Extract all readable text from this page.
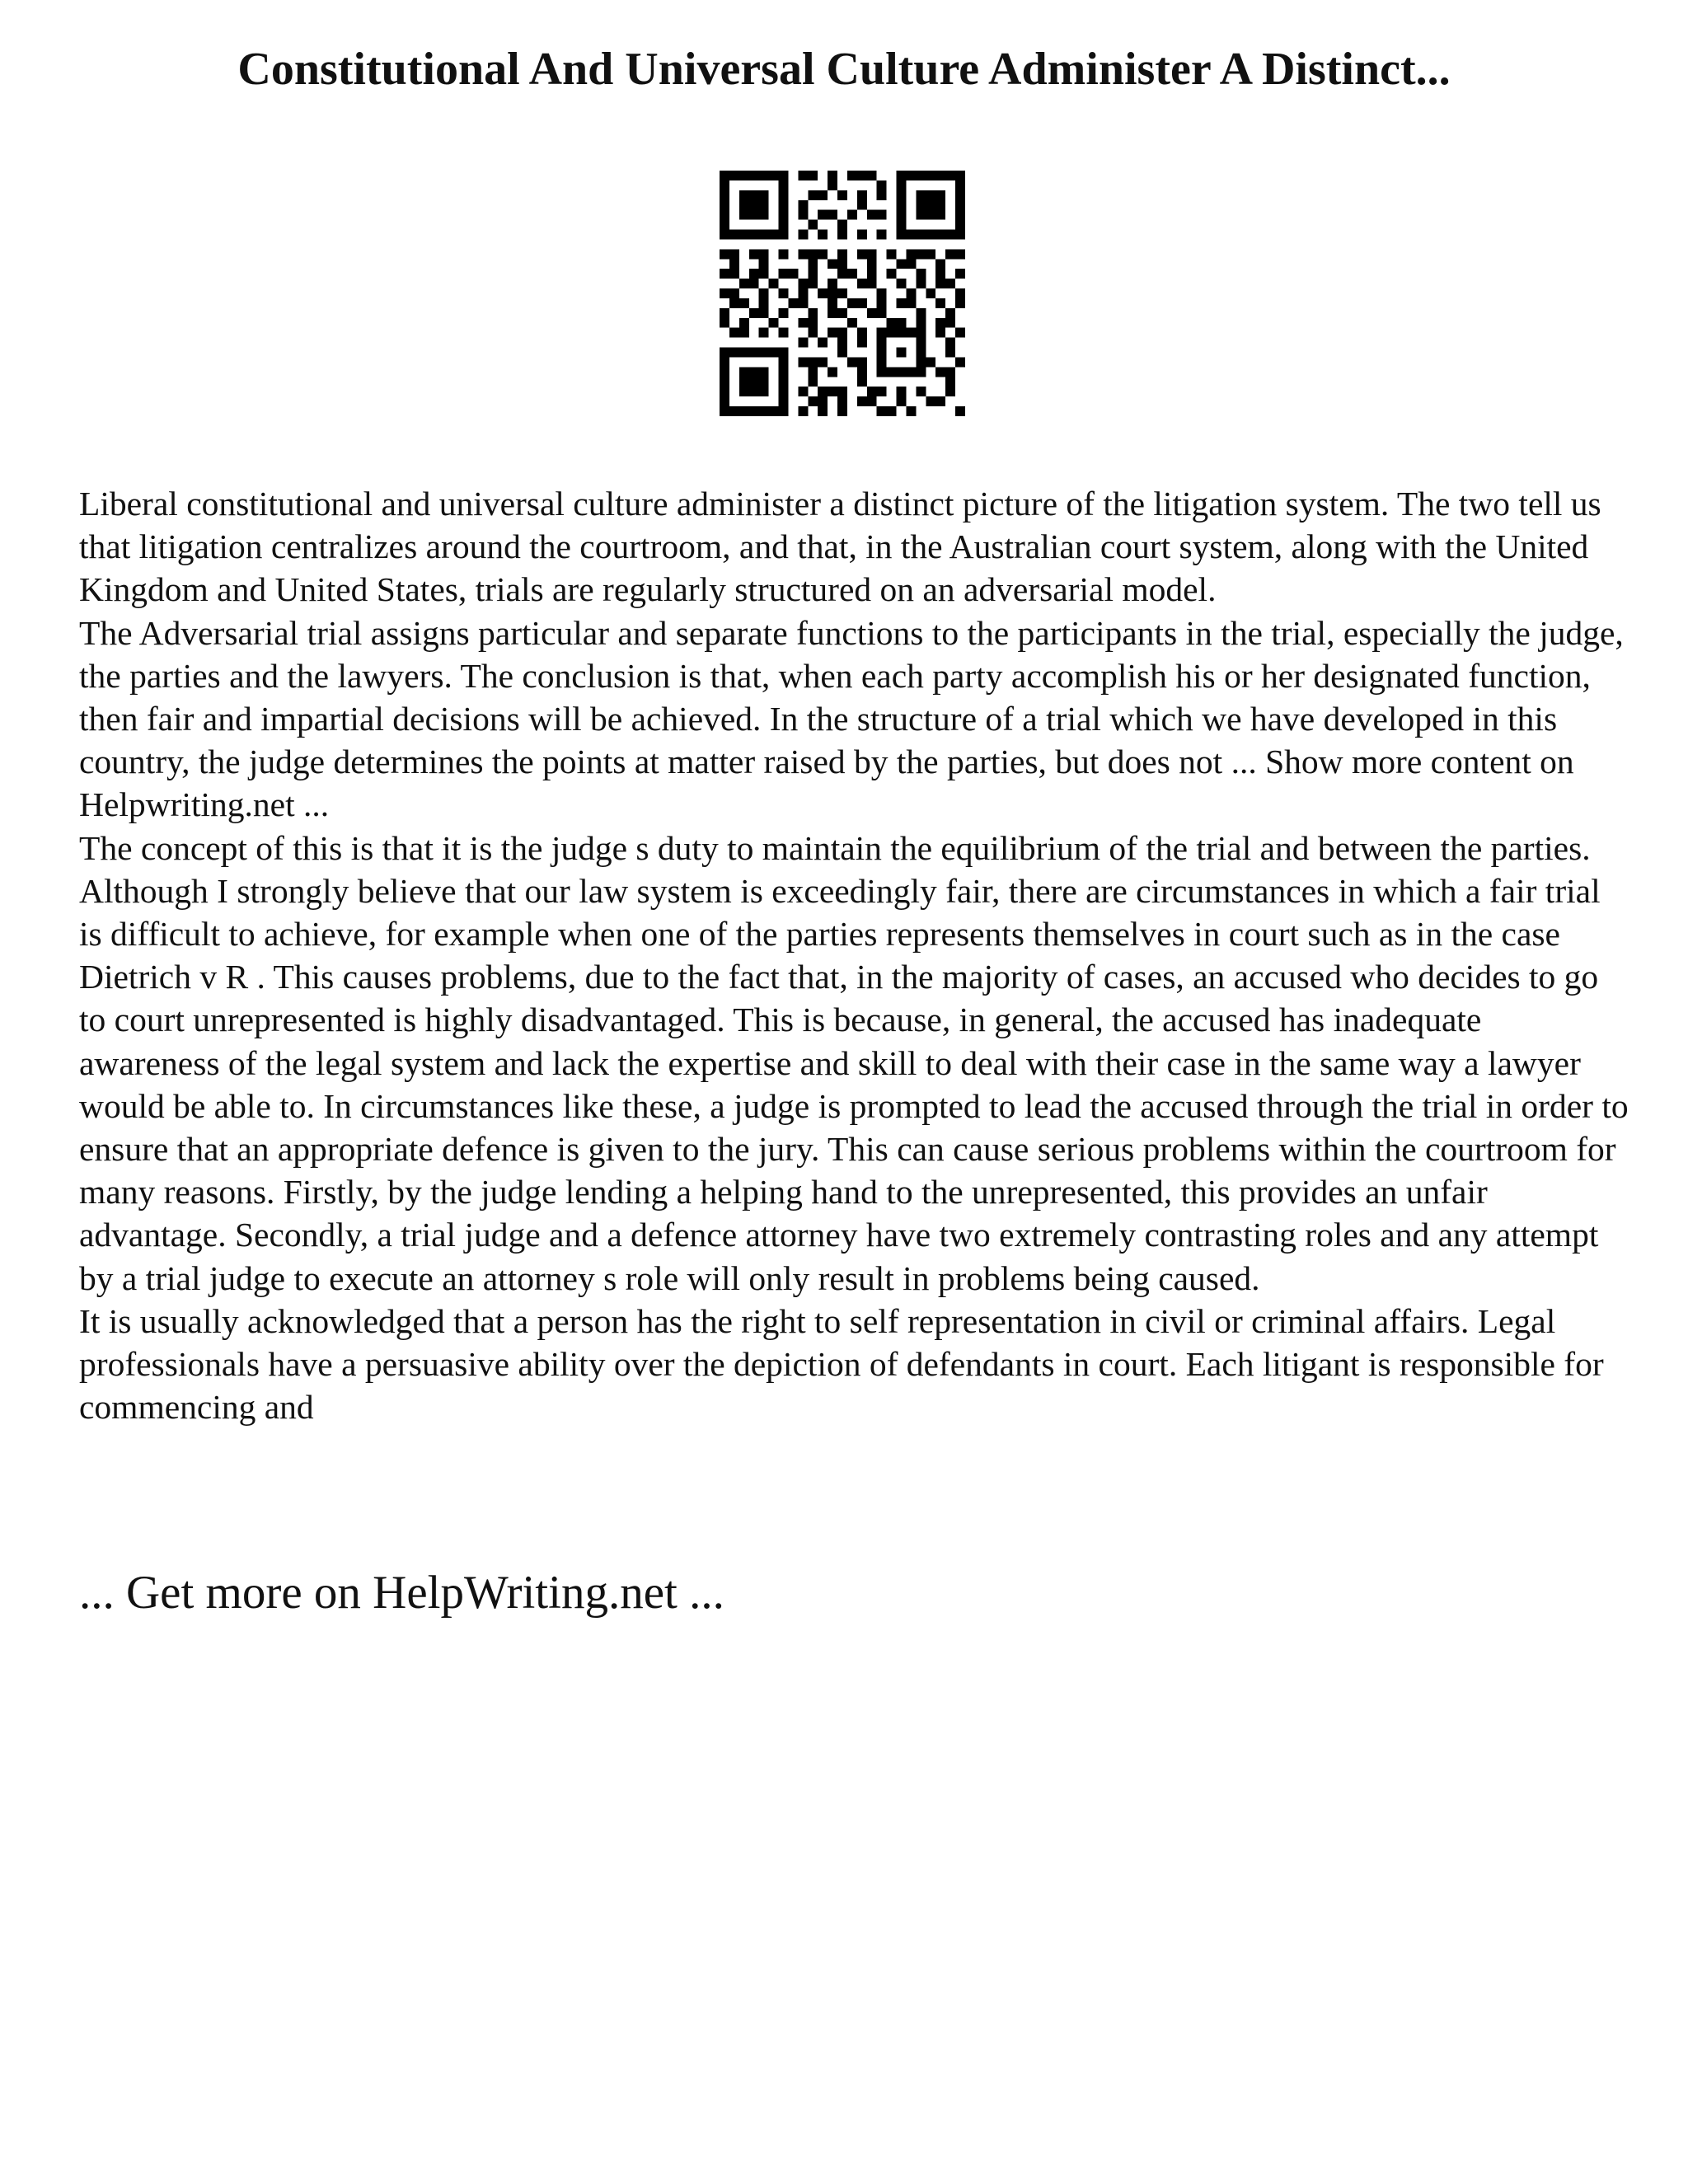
Constitutional And Universal Culture Administer A Distinct...

Liberal constitutional and universal culture administer a distinct picture of the litigation system. The two tell us that litigation centralizes around the courtroom, and that, in the Australian court system, along with the United Kingdom and United States, trials are regularly structured on an adversarial model.

The Adversarial trial assigns particular and separate functions to the participants in the trial, especially the judge, the parties and the lawyers. The conclusion is that, when each party accomplish his or her designated function, then fair and impartial decisions will be achieved. In the structure of a trial which we have developed in this country, the judge determines the points at matter raised by the parties, but does not ... Show more content on Helpwriting.net ...

The concept of this is that it is the judge s duty to maintain the equilibrium of the trial and between the parties. Although I strongly believe that our law system is exceedingly fair, there are circumstances in which a fair trial is difficult to achieve, for example when one of the parties represents themselves in court such as in the case Dietrich v R . This causes problems, due to the fact that, in the majority of cases, an accused who decides to go to court unrepresented is highly disadvantaged. This is because, in general, the accused has inadequate awareness of the legal system and lack the expertise and skill to deal with their case in the same way a lawyer would be able to. In circumstances like these, a judge is prompted to lead the accused through the trial in order to ensure that an appropriate defence is given to the jury. This can cause serious problems within the courtroom for many reasons. Firstly, by the judge lending a helping hand to the unrepresented, this provides an unfair advantage. Secondly, a trial judge and a defence attorney have two extremely contrasting roles and any attempt by a trial judge to execute an attorney s role will only result in problems being caused.

It is usually acknowledged that a person has the right to self representation in civil or criminal affairs. Legal professionals have a persuasive ability over the depiction of defendants in court. Each litigant is responsible for commencing and

... Get more on HelpWriting.net ...
